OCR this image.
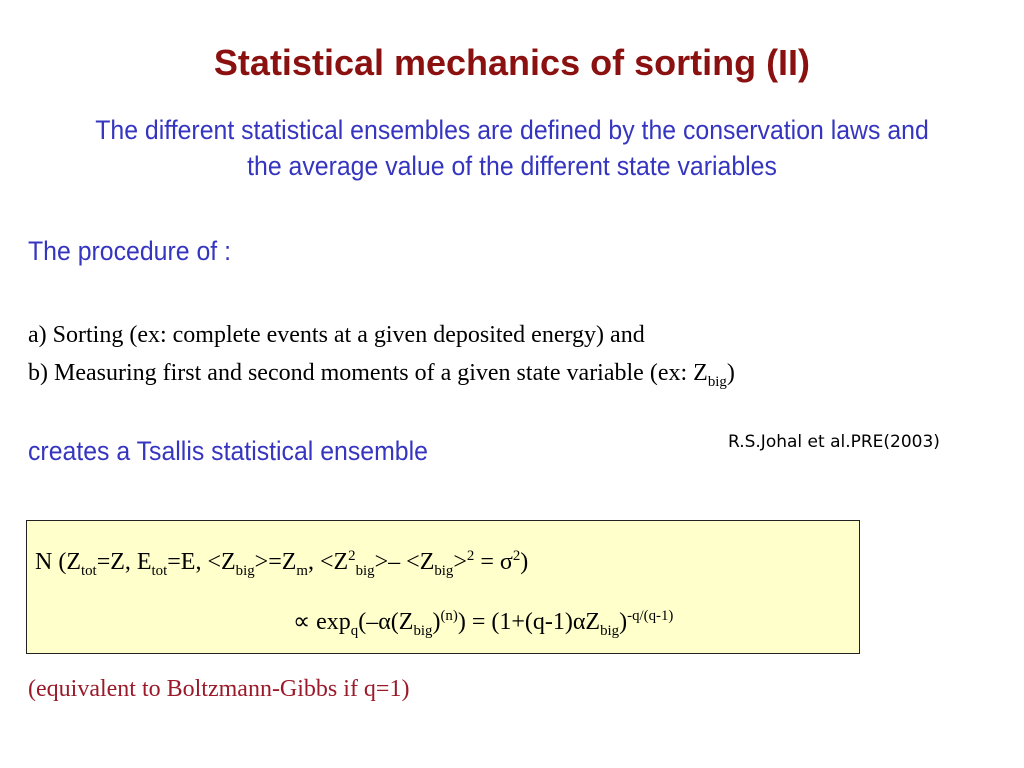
Statistical mechanics of sorting (II)
The different statistical ensembles are defined by the conservation laws and
the average value of the different state variables
The procedure of :
a) Sorting (ex: complete events at a given deposited energy) and
b) Measuring first and second moments of a given state variable (ex: $Z_{big}$)
R.S.Johal et al.PRE(2003)
creates a Tsallis statistical ensemble
N ($Z_{tot}=Z$, $E_{tot}=E$, $<Z_{big}>=Z_m$, $<Z^2_{big}>- <Z_{big}>^2 = \sigma^2$)
∝ $\exp_q(-\alpha(Z_{big})^{(n)}) = (1+(q-1)\alpha Z_{big})^{-q/(q-1)}$
(equivalent to Boltzmann-Gibbs if q=1)
